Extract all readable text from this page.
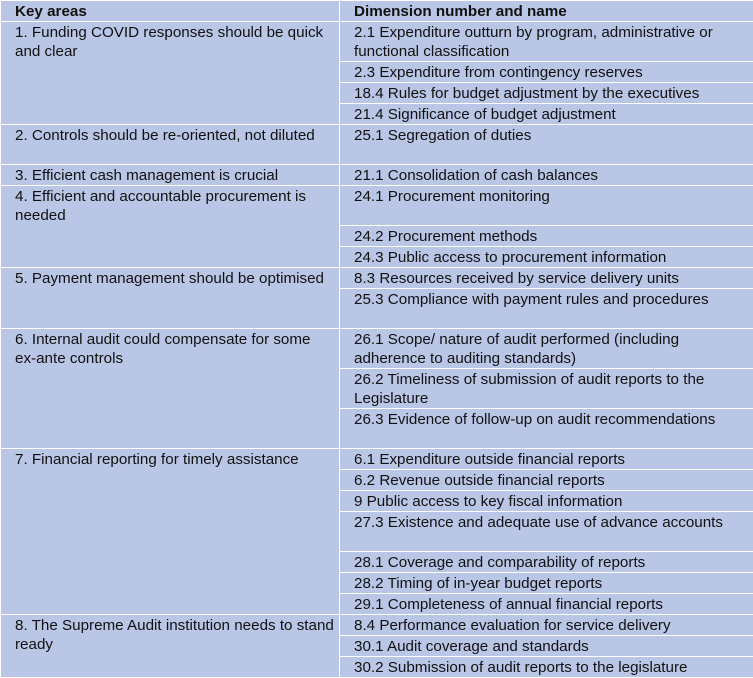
Key areas	Dimension number and name
1. Funding COVID responses should be quick and clear	2.1 Expenditure outturn by program, administrative or functional classification
	2.3 Expenditure from contingency reserves
	18.4 Rules for budget adjustment by the executives
	21.4 Significance of budget adjustment
2. Controls should be re-oriented, not diluted	25.1 Segregation of duties
3. Efficient cash management is crucial	21.1 Consolidation of cash balances
4. Efficient and accountable procurement is needed	24.1 Procurement monitoring
	24.2 Procurement methods
	24.3 Public access to procurement information
5. Payment management should be optimised	8.3 Resources received by service delivery units
	25.3 Compliance with payment rules and procedures
6. Internal audit could compensate for some ex-ante controls	26.1 Scope/ nature of audit performed (including adherence to auditing standards)
	26.2 Timeliness of submission of audit reports to the Legislature
	26.3 Evidence of follow-up on audit recommendations
7. Financial reporting for timely assistance	6.1 Expenditure outside financial reports
	6.2 Revenue outside financial reports
	9 Public access to key fiscal information
	27.3 Existence and adequate use of advance accounts
	28.1 Coverage and comparability of reports
	28.2 Timing of in-year budget reports
	29.1 Completeness of annual financial reports
8. The Supreme Audit institution needs to stand ready	8.4 Performance evaluation for service delivery
	30.1 Audit coverage and standards
	30.2 Submission of audit reports to the legislature
